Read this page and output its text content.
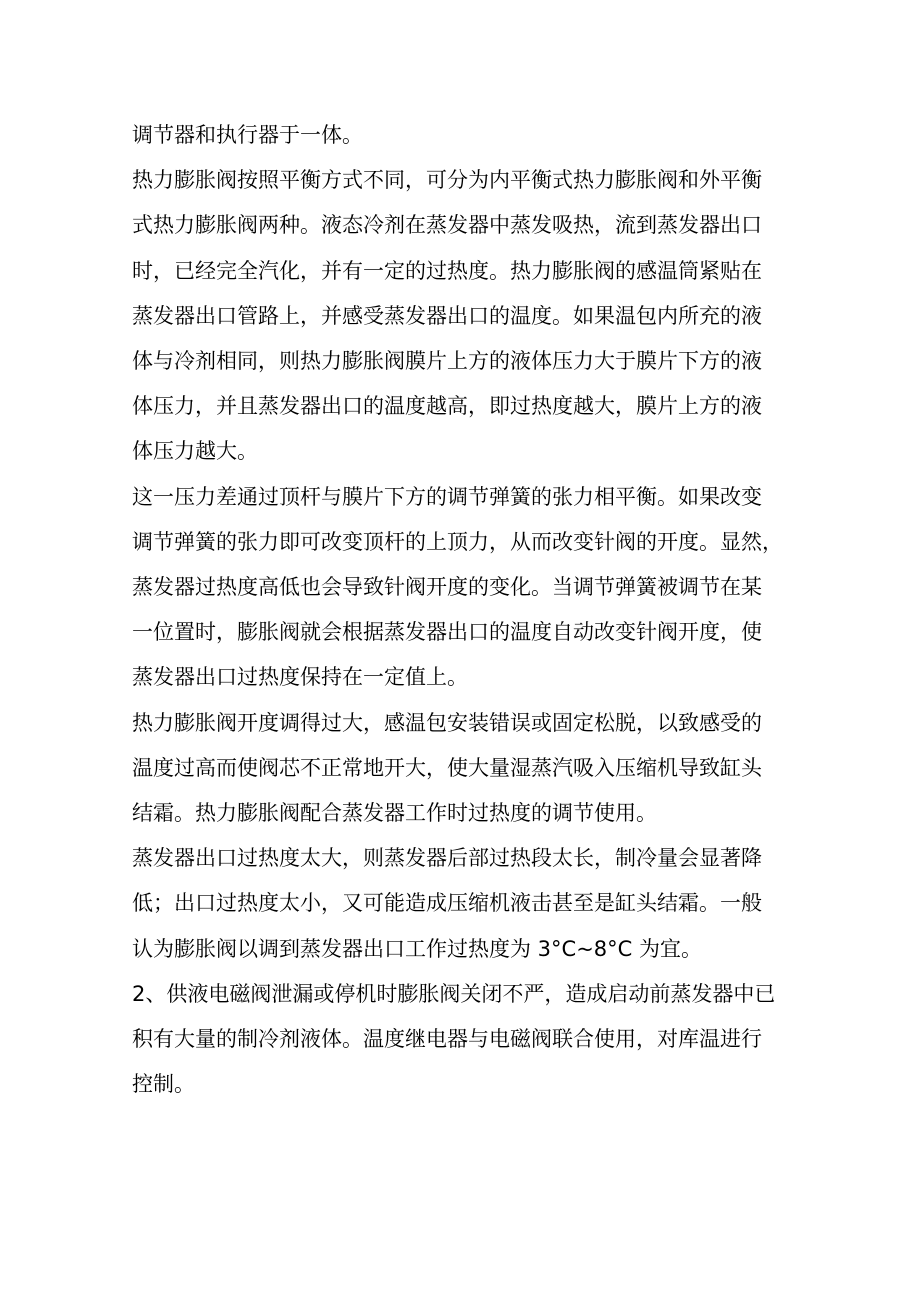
调节器和执行器于一体。

热力膨胀阀按照平衡方式不同，可分为内平衡式热力膨胀阀和外平衡
式热力膨胀阀两种。液态冷剂在蒸发器中蒸发吸热，流到蒸发器出口
时，已经完全汽化，并有一定的过热度。热力膨胀阀的感温筒紧贴在
蒸发器出口管路上，并感受蒸发器出口的温度。如果温包内所充的液
体与冷剂相同，则热力膨胀阀膜片上方的液体压力大于膜片下方的液
体压力，并且蒸发器出口的温度越高，即过热度越大，膜片上方的液
体压力越大。

这一压力差通过顶杆与膜片下方的调节弹簧的张力相平衡。如果改变
调节弹簧的张力即可改变顶杆的上顶力，从而改变针阀的开度。显然，
蒸发器过热度高低也会导致针阀开度的变化。当调节弹簧被调节在某
一位置时，膨胀阀就会根据蒸发器出口的温度自动改变针阀开度，使
蒸发器出口过热度保持在一定值上。

热力膨胀阀开度调得过大，感温包安装错误或固定松脱，以致感受的
温度过高而使阀芯不正常地开大，使大量湿蒸汽吸入压缩机导致缸头
结霜。热力膨胀阀配合蒸发器工作时过热度的调节使用。

蒸发器出口过热度太大，则蒸发器后部过热段太长，制冷量会显著降
低；出口过热度太小，又可能造成压缩机液击甚至是缸头结霜。一般
认为膨胀阀以调到蒸发器出口工作过热度为 3°C~8°C 为宜。

2、供液电磁阀泄漏或停机时膨胀阀关闭不严，造成启动前蒸发器中已
积有大量的制冷剂液体。温度继电器与电磁阀联合使用，对库温进行
控制。
